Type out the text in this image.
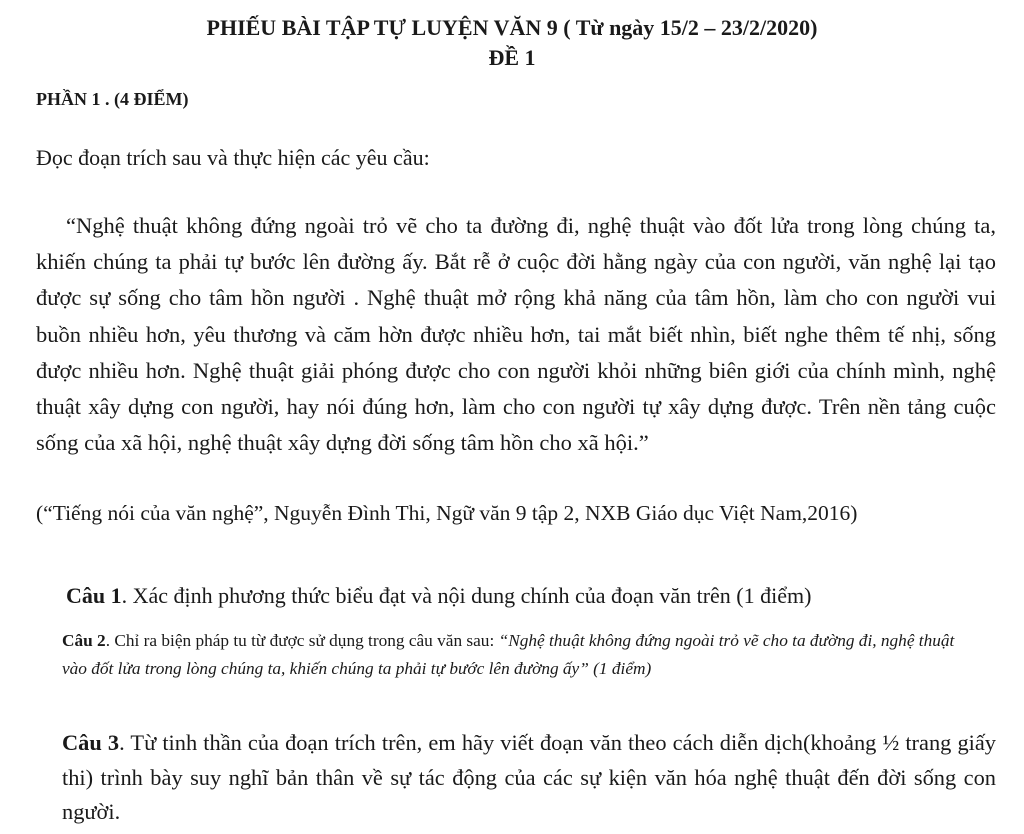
PHIẾU BÀI TẬP TỰ LUYỆN VĂN 9 ( Từ ngày 15/2 – 23/2/2020)
ĐỀ 1
PHẦN 1 . (4 ĐIỂM)
Đọc đoạn trích sau và thực hiện các yêu cầu:

“Nghệ thuật không đứng ngoài trỏ vẽ cho ta đường đi, nghệ thuật vào đốt lửa trong lòng chúng ta, khiến chúng ta phải tự bước lên đường ấy. Bắt rễ ở cuộc đời hằng ngày của con người, văn nghệ lại tạo được sự sống cho tâm hồn người . Nghệ thuật mở rộng khả năng của tâm hồn, làm cho con người vui buồn nhiều hơn, yêu thương và căm hờn được nhiều hơn, tai mắt biết nhìn, biết nghe thêm tế nhị, sống được nhiều hơn. Nghệ thuật giải phóng được cho con người khỏi những biên giới của chính mình, nghệ thuật xây dựng con người, hay nói đúng hơn, làm cho con người tự xây dựng được. Trên nền tảng cuộc sống của xã hội, nghệ thuật xây dựng đời sống tâm hồn cho xã hội.”

(“Tiếng nói của văn nghệ”, Nguyễn Đình Thi, Ngữ văn 9 tập 2, NXB Giáo dục Việt Nam,2016)

Câu 1. Xác định phương thức biểu đạt và nội dung chính của đoạn văn trên (1 điểm)

Câu 2. Chỉ ra biện pháp tu từ được sử dụng trong câu văn sau: “Nghệ thuật không đứng ngoài trỏ vẽ cho ta đường đi, nghệ thuật vào đốt lửa trong lòng chúng ta, khiến chúng ta phải tự bước lên đường ấy” (1 điểm)

Câu 3. Từ tinh thần của đoạn trích trên, em hãy viết đoạn văn theo cách diễn dịch(khoảng ½ trang giấy thi) trình bày suy nghĩ bản thân về sự tác động của các sự kiện văn hóa nghệ thuật đến đời sống con người.
